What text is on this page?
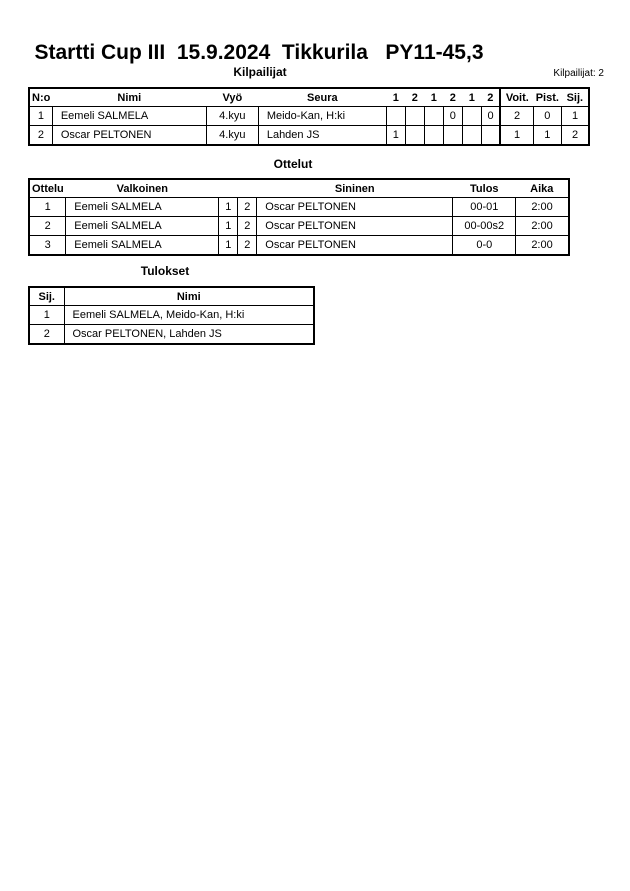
Startti Cup III  15.9.2024  Tikkurila   PY11-45,3
Kilpailijat	Kilpailijat: 2
N:o	Nimi	Vyö	Seura	1	2	1	2	1	2	Voit.	Pist.	Sij.
1	Eemeli SALMELA	4.kyu	Meido-Kan, H:ki				0		0	2	0	1
2	Oscar PELTONEN	4.kyu	Lahden JS	1						1	1	2
Ottelut
Ottelu	Valkoinen			Sininen	Tulos	Aika
1	Eemeli SALMELA	1	2	Oscar PELTONEN	00-01	2:00
2	Eemeli SALMELA	1	2	Oscar PELTONEN	00-00s2	2:00
3	Eemeli SALMELA	1	2	Oscar PELTONEN	0-0	2:00
Tulokset
Sij.	Nimi
1	Eemeli SALMELA, Meido-Kan, H:ki
2	Oscar PELTONEN, Lahden JS
